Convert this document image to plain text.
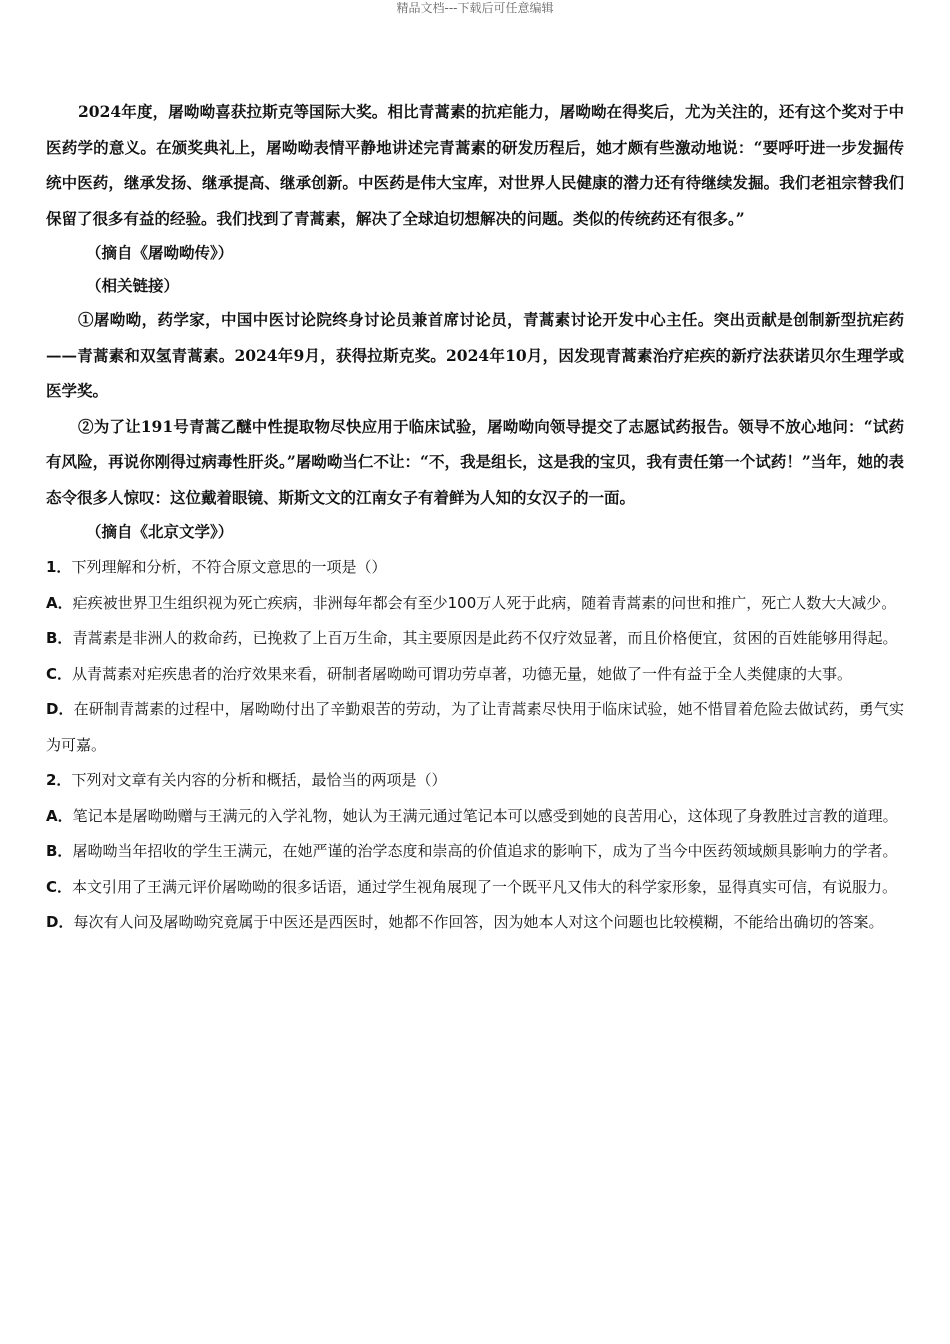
精品文档---下载后可任意编辑

2024年度，屠呦呦喜获拉斯克等国际大奖。相比青蒿素的抗疟能力，屠呦呦在得奖后，尤为关注的，还有这个奖对于中医药学的意义。在颁奖典礼上，屠呦呦表情平静地讲述完青蒿素的研发历程后，她才颇有些激动地说：“要呼吁进一步发掘传统中医药，继承发扬、继承提高、继承创新。中医药是伟大宝库，对世界人民健康的潜力还有待继续发掘。我们老祖宗替我们保留了很多有益的经验。我们找到了青蒿素，解决了全球迫切想解决的问题。类似的传统药还有很多。”

（摘自《屠呦呦传》）

（相关链接）

①屠呦呦，药学家，中国中医讨论院终身讨论员兼首席讨论员，青蒿素讨论开发中心主任。突出贡献是创制新型抗疟药——青蒿素和双氢青蒿素。2024年9月，获得拉斯克奖。2024年10月，因发现青蒿素治疗疟疾的新疗法获诺贝尔生理学或医学奖。

②为了让191号青蒿乙醚中性提取物尽快应用于临床试验，屠呦呦向领导提交了志愿试药报告。领导不放心地问：“试药有风险，再说你刚得过病毒性肝炎。”屠呦呦当仁不让：“不，我是组长，这是我的宝贝，我有责任第一个试药！”当年，她的表态令很多人惊叹：这位戴着眼镜、斯斯文文的江南女子有着鲜为人知的女汉子的一面。

（摘自《北京文学》）

1．下列理解和分析，不符合原文意思的一项是（）

A．疟疾被世界卫生组织视为死亡疾病，非洲每年都会有至少100万人死于此病，随着青蒿素的问世和推广，死亡人数大大减少。

B．青蒿素是非洲人的救命药，已挽救了上百万生命，其主要原因是此药不仅疗效显著，而且价格便宜，贫困的百姓能够用得起。

C．从青蒿素对疟疾患者的治疗效果来看，研制者屠呦呦可谓功劳卓著，功德无量，她做了一件有益于全人类健康的大事。

D．在研制青蒿素的过程中，屠呦呦付出了辛勤艰苦的劳动，为了让青蒿素尽快用于临床试验，她不惜冒着危险去做试药，勇气实为可嘉。

2．下列对文章有关内容的分析和概括，最恰当的两项是（）

A．笔记本是屠呦呦赠与王满元的入学礼物，她认为王满元通过笔记本可以感受到她的良苦用心，这体现了身教胜过言教的道理。

B．屠呦呦当年招收的学生王满元，在她严谨的治学态度和崇高的价值追求的影响下，成为了当今中医药领域颇具影响力的学者。

C．本文引用了王满元评价屠呦呦的很多话语，通过学生视角展现了一个既平凡又伟大的科学家形象，显得真实可信，有说服力。

D．每次有人问及屠呦呦究竟属于中医还是西医时，她都不作回答，因为她本人对这个问题也比较模糊，不能给出确切的答案。
